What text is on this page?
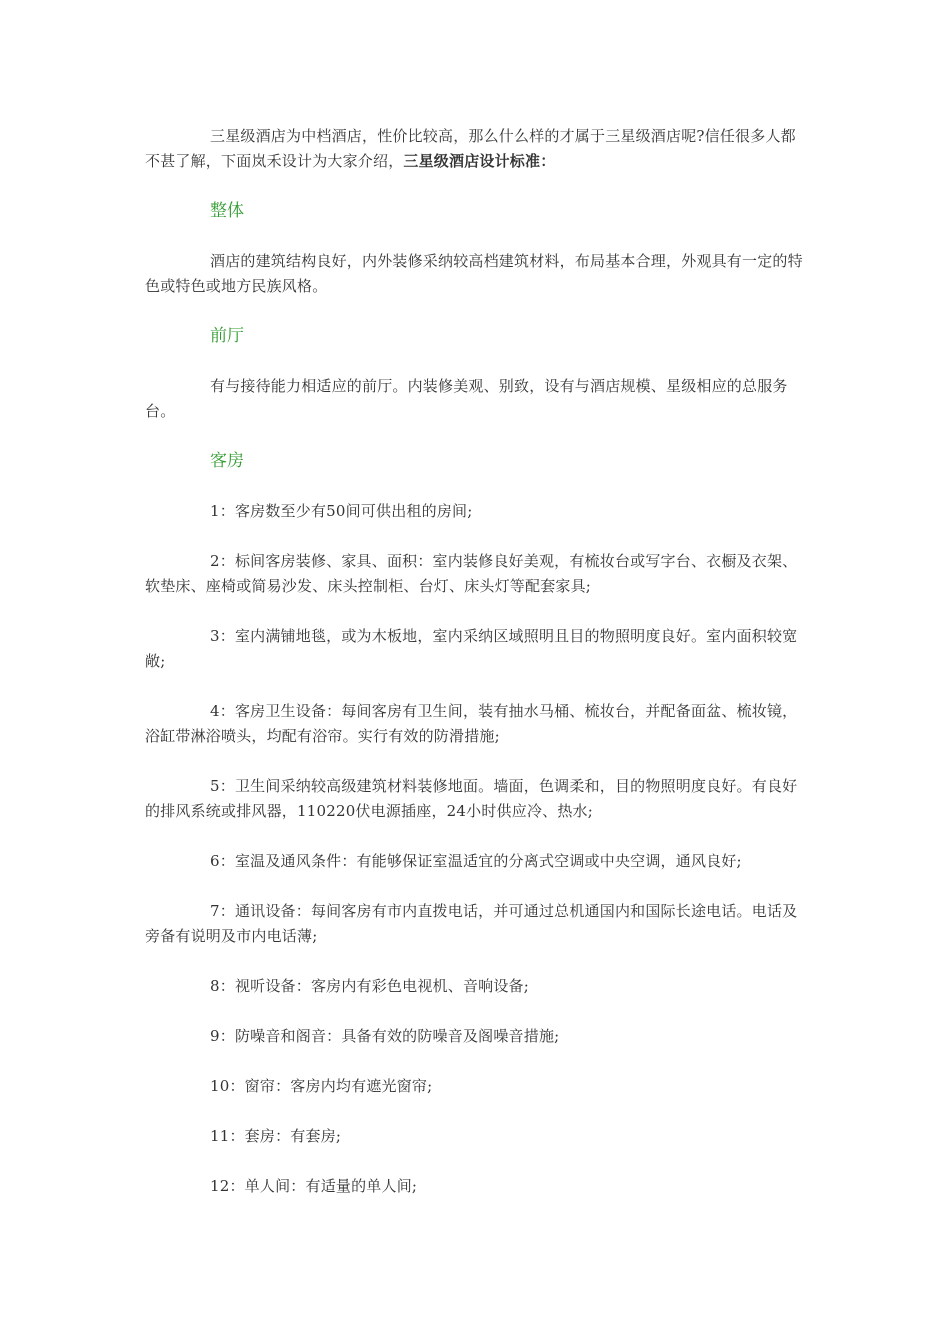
三星级酒店为中档酒店，性价比较高，那么什么样的才属于三星级酒店呢?信任很多人都不甚了解，下面岚禾设计为大家介绍，三星级酒店设计标准：

整体

酒店的建筑结构良好，内外装修采纳较高档建筑材料，布局基本合理，外观具有一定的特色或特色或地方民族风格。

前厅

有与接待能力相适应的前厅。内装修美观、别致，设有与酒店规模、星级相应的总服务台。

客房

1：客房数至少有50间可供出租的房间;

2：标间客房装修、家具、面积：室内装修良好美观，有梳妆台或写字台、衣橱及衣架、软垫床、座椅或简易沙发、床头控制柜、台灯、床头灯等配套家具;

3：室内满铺地毯，或为木板地，室内采纳区域照明且目的物照明度良好。室内面积较宽敞;

4：客房卫生设备：每间客房有卫生间，装有抽水马桶、梳妆台，并配备面盆、梳妆镜，浴缸带淋浴喷头，均配有浴帘。实行有效的防滑措施;

5：卫生间采纳较高级建筑材料装修地面。墙面，色调柔和，目的物照明度良好。有良好的排风系统或排风器，110220伏电源插座，24小时供应冷、热水;

6：室温及通风条件：有能够保证室温适宜的分离式空调或中央空调，通风良好;

7：通讯设备：每间客房有市内直拨电话，并可通过总机通国内和国际长途电话。电话及旁备有说明及市内电话薄;

8：视听设备：客房内有彩色电视机、音响设备;

9：防噪音和阁音：具备有效的防噪音及阁噪音措施;

10：窗帘：客房内均有遮光窗帘;

11：套房：有套房;

12：单人间：有适量的单人间;
